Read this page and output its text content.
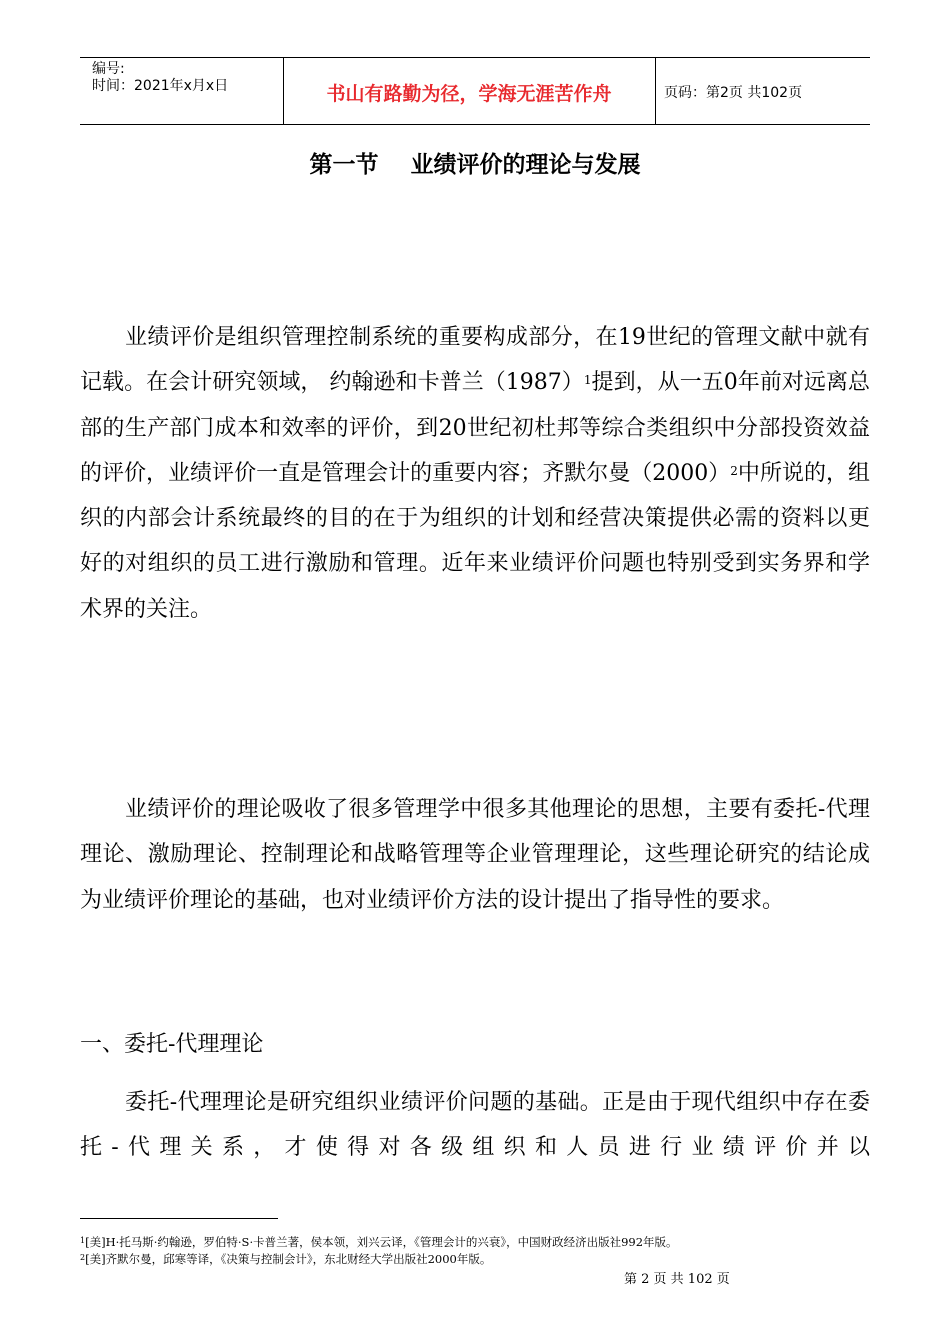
编号:
时间：2021年x月x日	书山有路勤为径，学海无涯苦作舟	页码：第2页 共102页
第一节    业绩评价的理论与发展

业绩评价是组织管理控制系统的重要构成部分，在19世纪的管理文献中就有记载。在会计研究领域， 约翰逊和卡普兰$(1987)^1$提到，从一五0年前对远离总部的生产部门成本和效率的评价，到20世纪初杜邦等综合类组织中分部投资效益的评价，业绩评价一直是管理会计的重要内容；齐默尔曼$(2000)^2$中所说的，组织的内部会计系统最终的目的在于为组织的计划和经营决策提供必需的资料以更好的对组织的员工进行激励和管理。近年来业绩评价问题也特别受到实务界和学术界的关注。

业绩评价的理论吸收了很多管理学中很多其他理论的思想，主要有委托-代理理论、激励理论、控制理论和战略管理等企业管理理论，这些理论研究的结论成为业绩评价理论的基础，也对业绩评价方法的设计提出了指导性的要求。

一、委托-代理理论

委托-代理理论是研究组织业绩评价问题的基础。正是由于现代组织中存在委托-代理关系，才使得对各级组织和人员进行业绩评价并以

$^1$[美]H·托马斯·约翰逊，罗伯特·S·卡普兰著，侯本领，刘兴云译，《管理会计的兴衰》，中国财政经济出版社992年版。
$^2$[美]齐默尔曼，邱寒等译，《决策与控制会计》，东北财经大学出版社2000年版。
第 2 页 共 102 页
